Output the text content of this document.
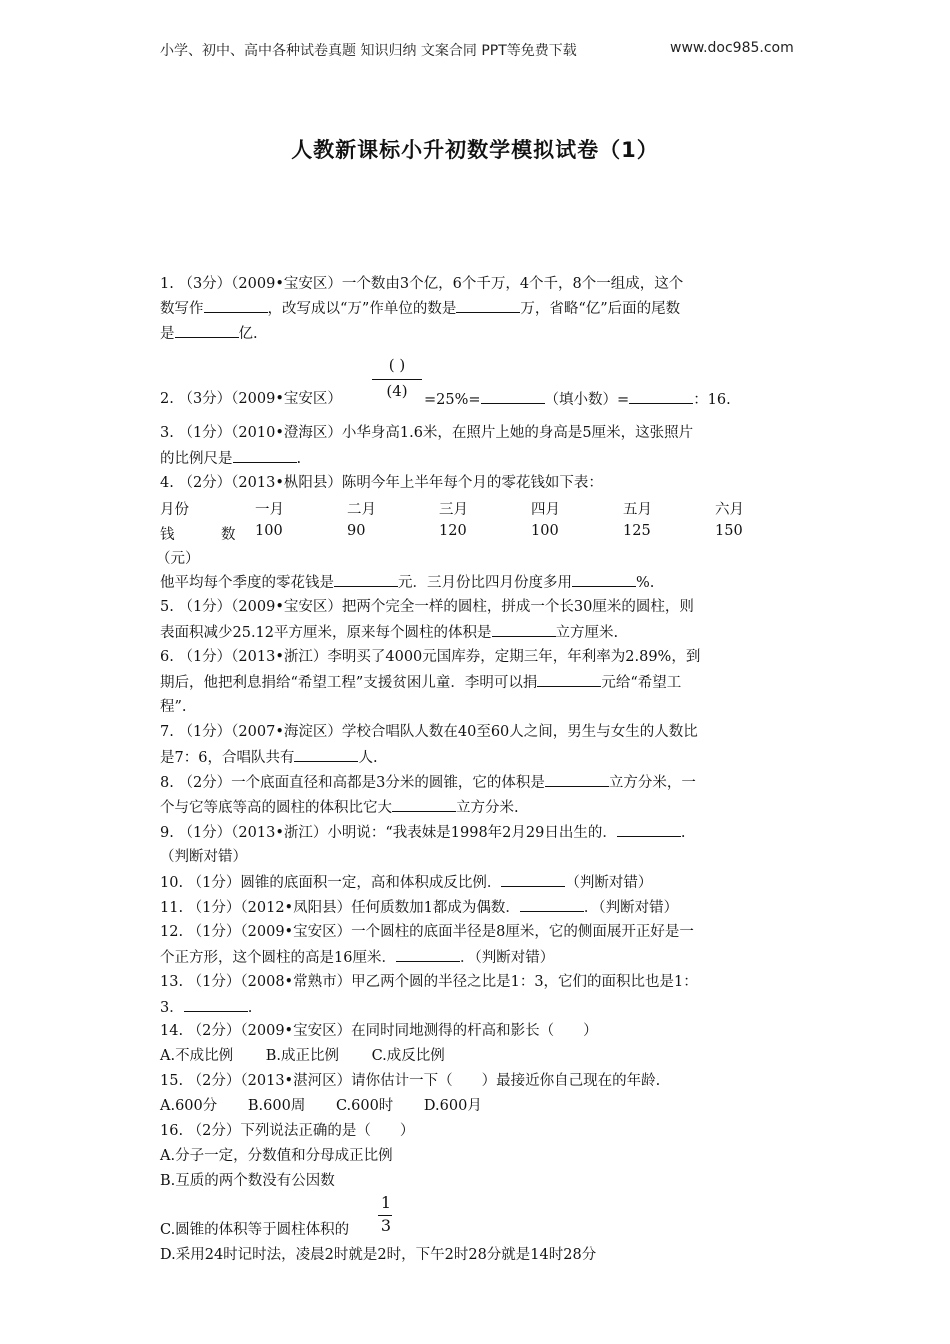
小学、初中、高中各种试卷真题 知识归纳 文案合同 PPT等免费下载	www.doc985.com
人教新课标小升初数学模拟试卷（1）
1. （3分）（2009•宝安区）一个数由3个亿，6个千万，4个千，8个一组成，这个
数写作	，改写成以“万”作单位的数是	万，省略“亿”后面的尾数
是	亿.
( )
(4)
2. （3分）（2009•宝安区）	=25%=	（填小数）=	：16.
3. （1分）（2010•澄海区）小华身高1.6米，在照片上她的身高是5厘米，这张照片
的比例尺是	.
4. （2分）（2013•枞阳县）陈明今年上半年每个月的零花钱如下表：
月份	一月	二月	三月	四月	五月	六月
钱	数 100	90	120	100	125	150
（元）
他平均每个季度的零花钱是	元．三月份比四月份度多用	%.
5. （1分）（2009•宝安区）把两个完全一样的圆柱，拼成一个长30厘米的圆柱，则
表面积减少25.12平方厘米，原来每个圆柱的体积是	立方厘米.
6. （1分）（2013•浙江）李明买了4000元国库券，定期三年，年利率为2.89%，到
期后，他把利息捐给“希望工程”支援贫困儿童．李明可以捐	元给“希望工
程”.
7. （1分）（2007•海淀区）学校合唱队人数在40至60人之间，男生与女生的人数比
是7：6，合唱队共有	人.
8. （2分）一个底面直径和高都是3分米的圆锥，它的体积是	立方分米，一
个与它等底等高的圆柱的体积比它大	立方分米.
9. （1分）（2013•浙江）小明说：“我表妹是1998年2月29日出生的．	.
（判断对错）
10. （1分）圆锥的底面积一定，高和体积成反比例．	（判断对错）
11. （1分）（2012•凤阳县）任何质数加1都成为偶数．	．（判断对错）
12. （1分）（2009•宝安区）一个圆柱的底面半径是8厘米，它的侧面展开正好是一
个正方形，这个圆柱的高是16厘米．	．（判断对错）
13. （1分）（2008•常熟市）甲乙两个圆的半径之比是1：3，它们的面积比也是1：
3．	.
14. （2分）（2009•宝安区）在同时同地测得的杆高和影长（　　）
A.不成比例 B.成正比例 C.成反比例
15. （2分）（2013•湛河区）请你估计一下（　　）最接近你自己现在的年龄.
A.600分 B.600周 C.600时 D.600月
16. （2分）下列说法正确的是（　　）
A.分子一定，分数值和分母成正比例
B.互质的两个数没有公因数
1
3
C.圆锥的体积等于圆柱体积的
D.采用24时记时法，凌晨2时就是2时，下午2时28分就是14时28分
